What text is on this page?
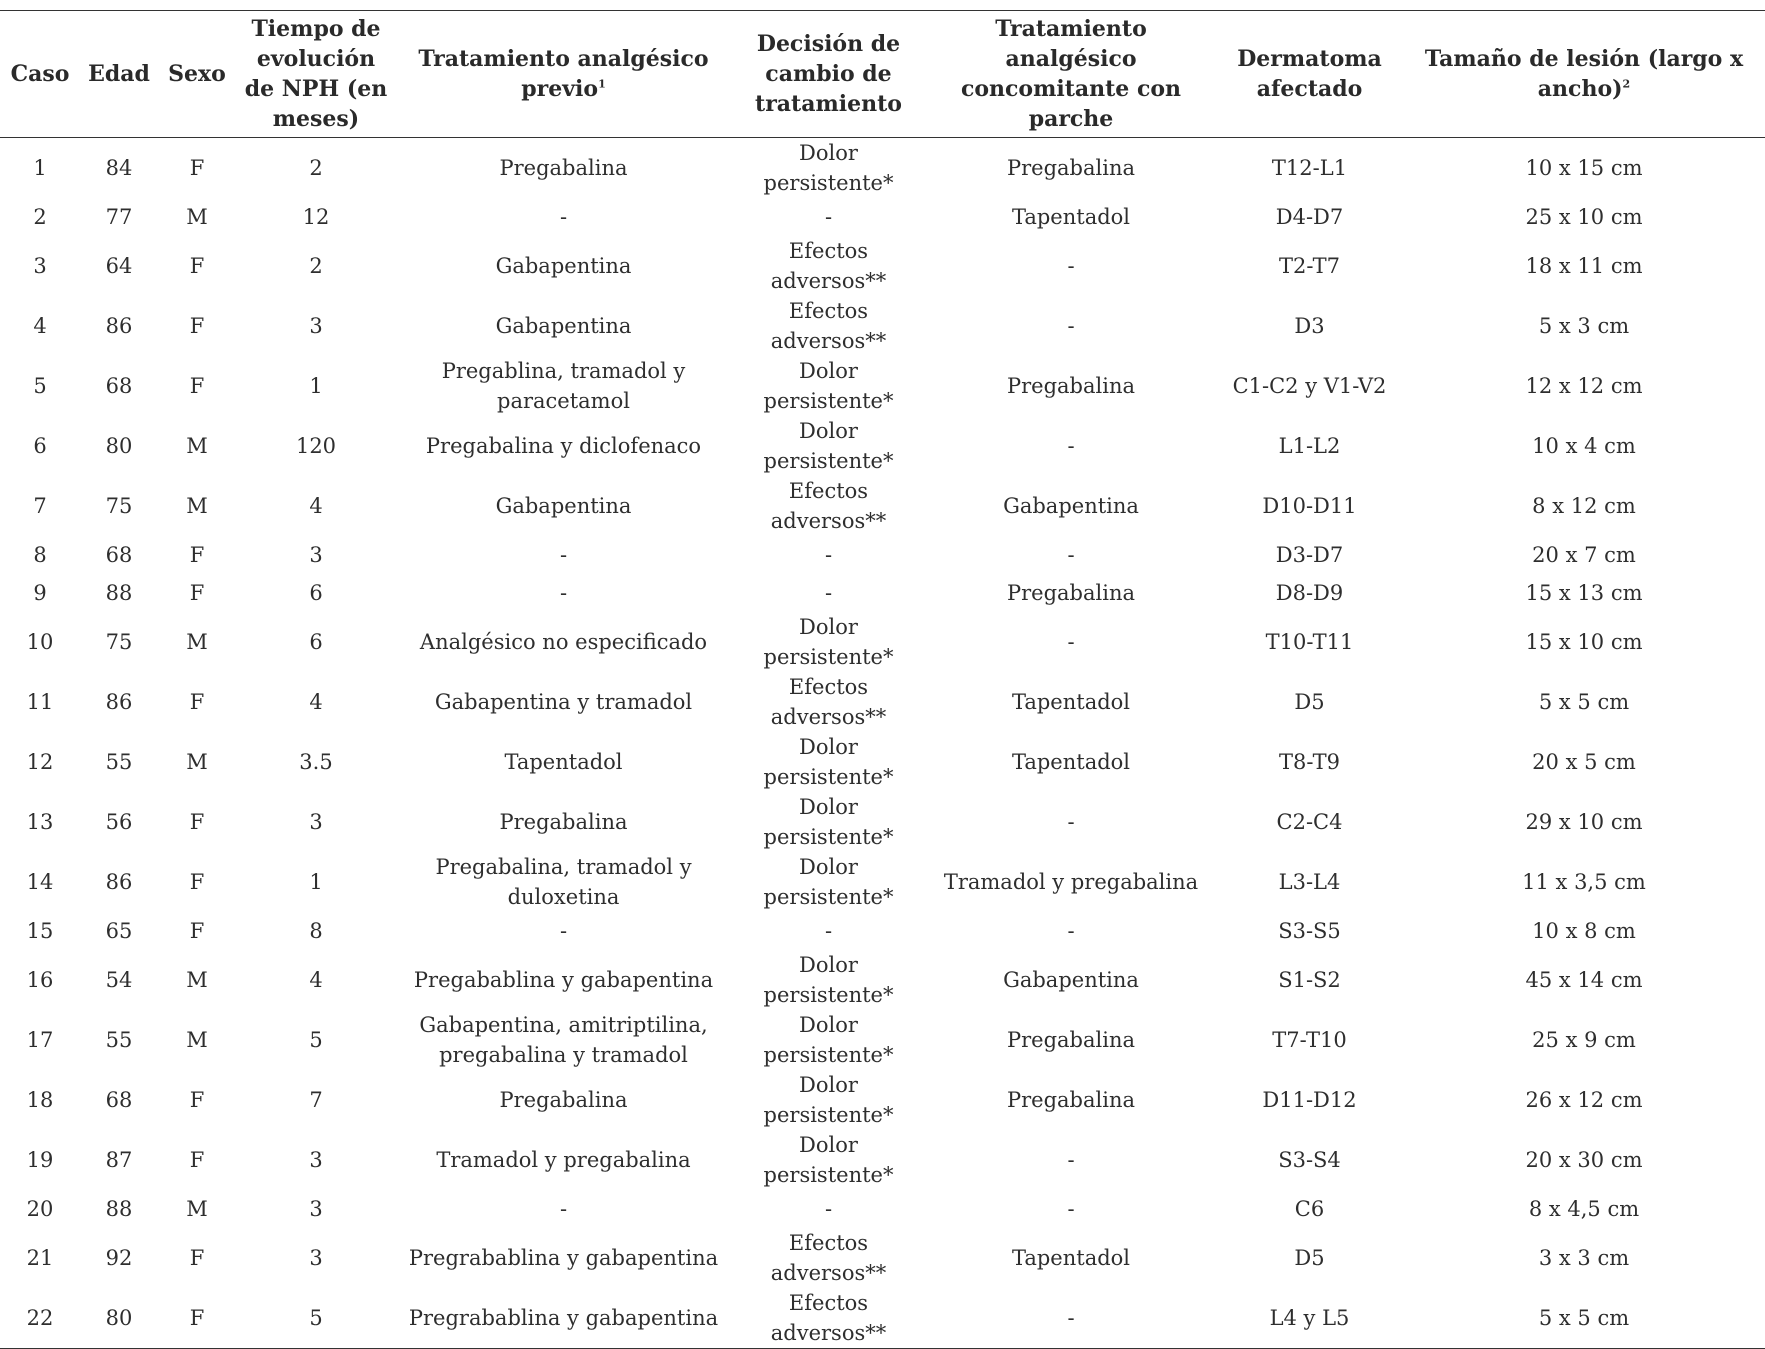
Caso	Edad	Sexo	Tiempo de evolución de NPH (en meses)	Tratamiento analgésico previo$^1$	Decisión de cambio de tratamiento	Tratamiento analgésico concomitante con parche	Dermatoma afectado	Tamaño de lesión (largo x ancho)$^2$
1	84	F	2	Pregabalina	Dolor persistente*	Pregabalina	T12-L1	10 x 15 cm
2	77	M	12	-	-	Tapentadol	D4-D7	25 x 10 cm
3	64	F	2	Gabapentina	Efectos adversos**	-	T2-T7	18 x 11 cm
4	86	F	3	Gabapentina	Efectos adversos**	-	D3	5 x 3 cm
5	68	F	1	Pregablina, tramadol y paracetamol	Dolor persistente*	Pregabalina	C1-C2 y V1-V2	12 x 12 cm
6	80	M	120	Pregabalina y diclofenaco	Dolor persistente*	-	L1-L2	10 x 4 cm
7	75	M	4	Gabapentina	Efectos adversos**	Gabapentina	D10-D11	8 x 12 cm
8	68	F	3	-	-	-	D3-D7	20 x 7 cm
9	88	F	6	-	-	Pregabalina	D8-D9	15 x 13 cm
10	75	M	6	Analgésico no especificado	Dolor persistente*	-	T10-T11	15 x 10 cm
11	86	F	4	Gabapentina y tramadol	Efectos adversos**	Tapentadol	D5	5 x 5 cm
12	55	M	3.5	Tapentadol	Dolor persistente*	Tapentadol	T8-T9	20 x 5 cm
13	56	F	3	Pregabalina	Dolor persistente*	-	C2-C4	29 x 10 cm
14	86	F	1	Pregabalina, tramadol y duloxetina	Dolor persistente*	Tramadol y pregabalina	L3-L4	11 x 3,5 cm
15	65	F	8	-	-	-	S3-S5	10 x 8 cm
16	54	M	4	Pregabablina y gabapentina	Dolor persistente*	Gabapentina	S1-S2	45 x 14 cm
17	55	M	5	Gabapentina, amitriptilina, pregabalina y tramadol	Dolor persistente*	Pregabalina	T7-T10	25 x 9 cm
18	68	F	7	Pregabalina	Dolor persistente*	Pregabalina	D11-D12	26 x 12 cm
19	87	F	3	Tramadol y pregabalina	Dolor persistente*	-	S3-S4	20 x 30 cm
20	88	M	3	-	-	-	C6	8 x 4,5 cm
21	92	F	3	Pregrabablina y gabapentina	Efectos adversos**	Tapentadol	D5	3 x 3 cm
22	80	F	5	Pregrabablina y gabapentina	Efectos adversos**	-	L4 y L5	5 x 5 cm
